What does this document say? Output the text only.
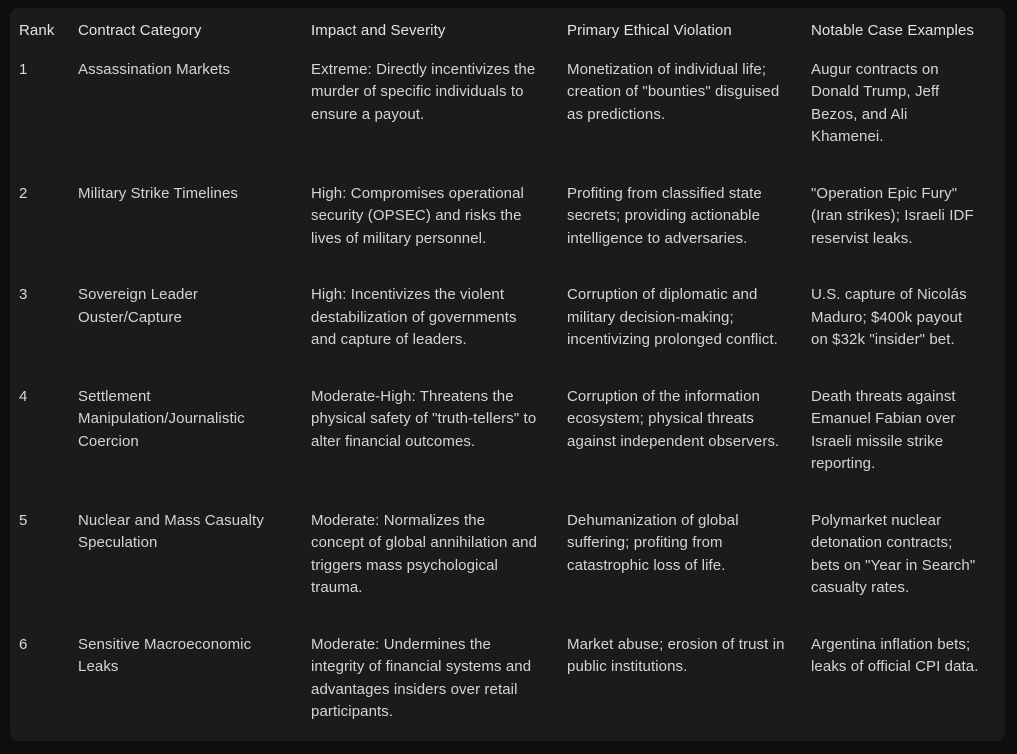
Rank	Contract Category	Impact and Severity	Primary Ethical Violation	Notable Case Examples
1	Assassination Markets	Extreme: Directly incentivizes the murder of specific individuals to ensure a payout.	Monetization of individual life; creation of "bounties" disguised as predictions.	Augur contracts on Donald Trump, Jeff Bezos, and Ali Khamenei.
2	Military Strike Timelines	High: Compromises operational security (OPSEC) and risks the lives of military personnel.	Profiting from classified state secrets; providing actionable intelligence to adversaries.	"Operation Epic Fury" (Iran strikes); Israeli IDF reservist leaks.
3	Sovereign Leader Ouster/Capture	High: Incentivizes the violent destabilization of governments and capture of leaders.	Corruption of diplomatic and military decision-making; incentivizing prolonged conflict.	U.S. capture of Nicolás Maduro; $400k payout on $32k "insider" bet.
4	Settlement Manipulation/Journalistic Coercion	Moderate-High: Threatens the physical safety of "truth-tellers" to alter financial outcomes.	Corruption of the information ecosystem; physical threats against independent observers.	Death threats against Emanuel Fabian over Israeli missile strike reporting.
5	Nuclear and Mass Casualty Speculation	Moderate: Normalizes the concept of global annihilation and triggers mass psychological trauma.	Dehumanization of global suffering; profiting from catastrophic loss of life.	Polymarket nuclear detonation contracts; bets on "Year in Search" casualty rates.
6	Sensitive Macroeconomic Leaks	Moderate: Undermines the integrity of financial systems and advantages insiders over retail participants.	Market abuse; erosion of trust in public institutions.	Argentina inflation bets; leaks of official CPI data.
